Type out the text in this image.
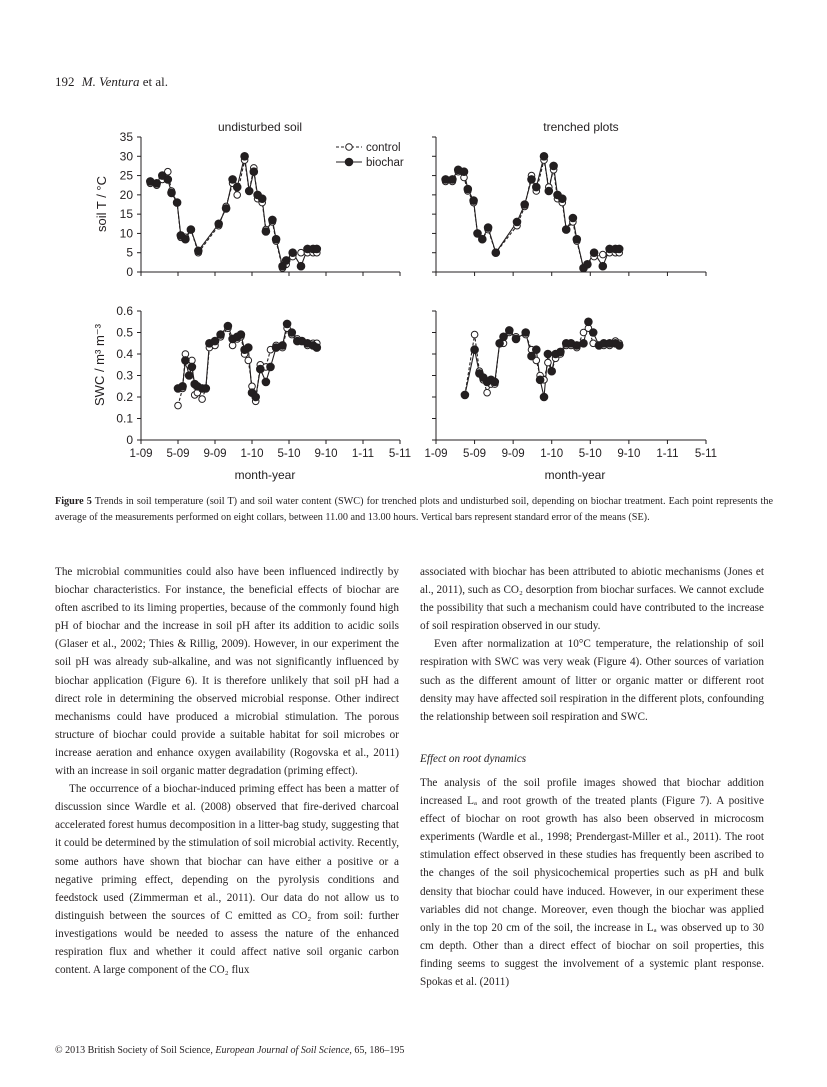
192 M. Ventura et al.
0
5
10
15
20
25
30
35
0
0.1
0.2
0.3
0.4
0.5
0.6
1-09 5-09 9-09 1-10 5-10 9-10 1-11 5-11 1-09 5-09 9-09 1-10 5-10 9-10 1-11 5-11
undisturbed soil	trenched plots
soil T / °C
SWC / m³ m⁻³
month-year	month-year
control
biochar
Figure 5 Trends in soil temperature (soil T) and soil water content (SWC) for trenched plots and undisturbed soil, depending on biochar treatment. Each point represents the average of the measurements performed on eight collars, between 11.00 and 13.00 hours. Vertical bars represent standard error of the means (SE).

The microbial communities could also have been influenced indirectly by biochar characteristics. For instance, the beneficial effects of biochar are often ascribed to its liming properties, because of the commonly found high pH of biochar and the increase in soil pH after its addition to acidic soils (Glaser et al., 2002; Thies & Rillig, 2009). However, in our experiment the soil pH was already sub-alkaline, and was not significantly influenced by biochar application (Figure 6). It is therefore unlikely that soil pH had a direct role in determining the observed microbial response. Other indirect mechanisms could have produced a microbial stimulation. The porous structure of biochar could provide a suitable habitat for soil microbes or increase aeration and enhance oxygen availability (Rogovska et al., 2011) with an increase in soil organic matter degradation (priming effect).

The occurrence of a biochar-induced priming effect has been a matter of discussion since Wardle et al. (2008) observed that fire-derived charcoal accelerated forest humus decomposition in a litter-bag study, suggesting that it could be determined by the stimulation of soil microbial activity. Recently, some authors have shown that biochar can have either a positive or a negative priming effect, depending on the pyrolysis conditions and feedstock used (Zimmerman et al., 2011). Our data do not allow us to distinguish between the sources of C emitted as CO₂ from soil: further investigations would be needed to assess the nature of the enhanced respiration flux and whether it could affect native soil organic carbon content. A large component of the CO₂ flux

associated with biochar has been attributed to abiotic mechanisms (Jones et al., 2011), such as CO₂ desorption from biochar surfaces. We cannot exclude the possibility that such a mechanism could have contributed to the increase of soil respiration observed in our study.

Even after normalization at 10°C temperature, the relationship of soil respiration with SWC was very weak (Figure 4). Other sources of variation such as the different amount of litter or organic matter or different root density may have affected soil respiration in the different plots, confounding the relationship between soil respiration and SWC.

Effect on root dynamics

The analysis of the soil profile images showed that biochar addition increased Lₐ and root growth of the treated plants (Figure 7). A positive effect of biochar on root growth has also been observed in microcosm experiments (Wardle et al., 1998; Prendergast-Miller et al., 2011). The root stimulation effect observed in these studies has frequently been ascribed to the changes of the soil physicochemical properties such as pH and bulk density that biochar could have induced. However, in our experiment these variables did not change. Moreover, even though the biochar was applied only in the top 20 cm of the soil, the increase in Lₐ was observed up to 30 cm depth. Other than a direct effect of biochar on soil properties, this finding seems to suggest the involvement of a systemic plant response. Spokas et al. (2011)

© 2013 British Society of Soil Science, European Journal of Soil Science, 65, 186–195
